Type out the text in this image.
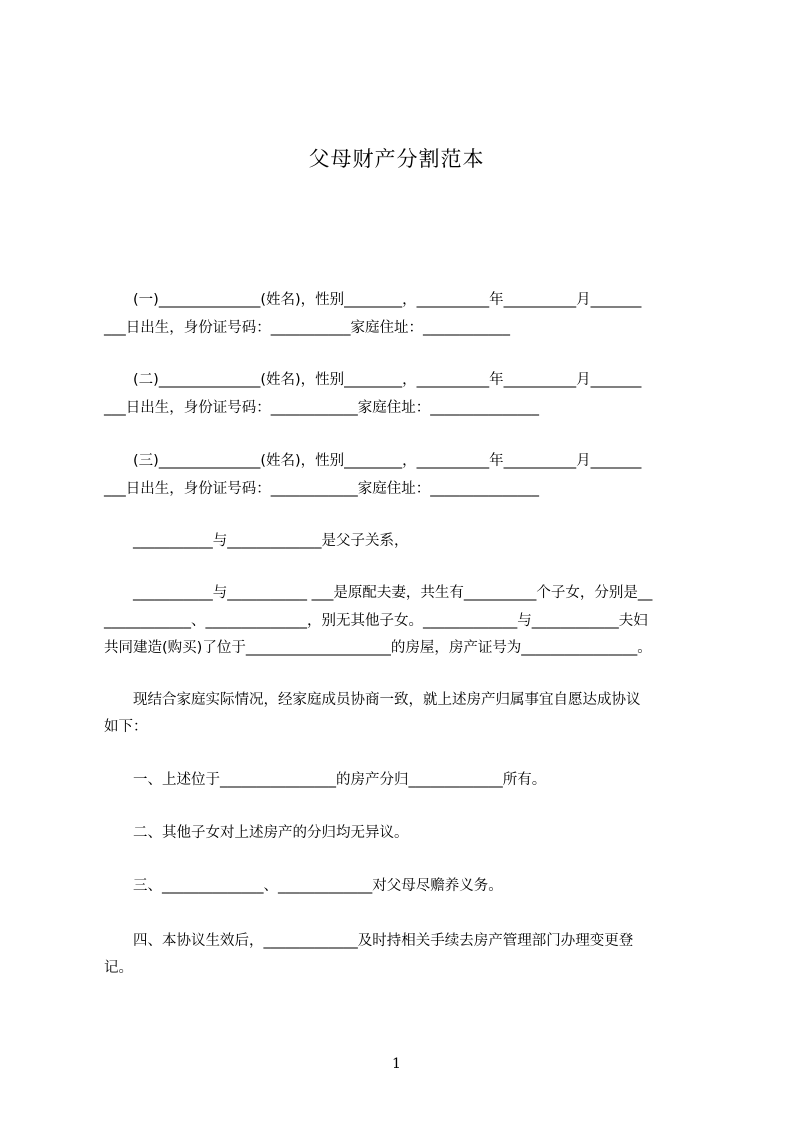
父母财产分割范本
　　(一)______________(姓名)，性别________，__________年__________月_______
___日出生，身份证号码：___________家庭住址：____________
　　(二)______________(姓名)，性别________，__________年__________月_______
___日出生，身份证号码：____________家庭住址：_______________
　　(三)______________(姓名)，性别________，__________年__________月_______
___日出生，身份证号码：____________家庭住址：_______________
　　___________与_____________是父子关系，
　　___________与___________ ___是原配夫妻，共生有__________个子女，分别是__
____________、______________，别无其他子女。_____________与____________夫妇
共同建造(购买)了位于____________________的房屋，房产证号为________________。
　　现结合家庭实际情况，经家庭成员协商一致，就上述房产归属事宜自愿达成协议
如下：
　　一、上述位于________________的房产分归_____________所有。
　　二、其他子女对上述房产的分归均无异议。
　　三、______________、_____________对父母尽赡养义务。
　　四、本协议生效后，_____________及时持相关手续去房产管理部门办理变更登
记。
1
